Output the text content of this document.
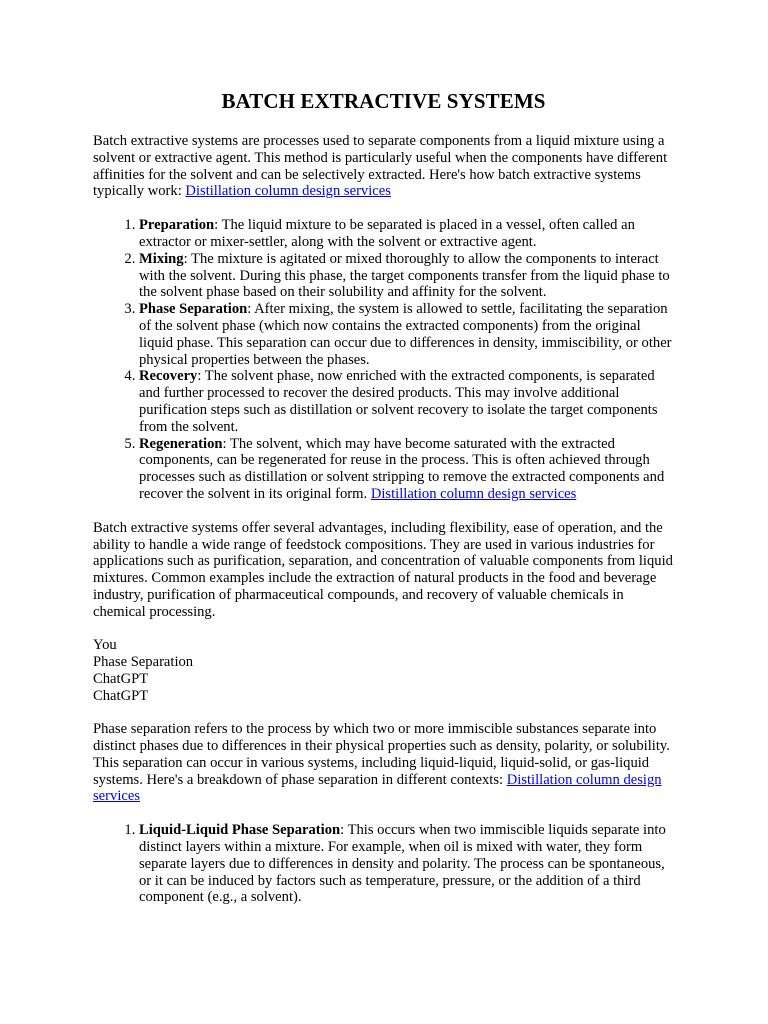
BATCH EXTRACTIVE SYSTEMS

Batch extractive systems are processes used to separate components from a liquid mixture using a solvent or extractive agent. This method is particularly useful when the components have different affinities for the solvent and can be selectively extracted. Here's how batch extractive systems typically work: Distillation column design services

1. Preparation: The liquid mixture to be separated is placed in a vessel, often called an extractor or mixer-settler, along with the solvent or extractive agent.
2. Mixing: The mixture is agitated or mixed thoroughly to allow the components to interact with the solvent. During this phase, the target components transfer from the liquid phase to the solvent phase based on their solubility and affinity for the solvent.
3. Phase Separation: After mixing, the system is allowed to settle, facilitating the separation of the solvent phase (which now contains the extracted components) from the original liquid phase. This separation can occur due to differences in density, immiscibility, or other physical properties between the phases.
4. Recovery: The solvent phase, now enriched with the extracted components, is separated and further processed to recover the desired products. This may involve additional purification steps such as distillation or solvent recovery to isolate the target components from the solvent.
5. Regeneration: The solvent, which may have become saturated with the extracted components, can be regenerated for reuse in the process. This is often achieved through processes such as distillation or solvent stripping to remove the extracted components and recover the solvent in its original form. Distillation column design services

Batch extractive systems offer several advantages, including flexibility, ease of operation, and the ability to handle a wide range of feedstock compositions. They are used in various industries for applications such as purification, separation, and concentration of valuable components from liquid mixtures. Common examples include the extraction of natural products in the food and beverage industry, purification of pharmaceutical compounds, and recovery of valuable chemicals in chemical processing.

You
Phase Separation
ChatGPT
ChatGPT

Phase separation refers to the process by which two or more immiscible substances separate into distinct phases due to differences in their physical properties such as density, polarity, or solubility. This separation can occur in various systems, including liquid-liquid, liquid-solid, or gas-liquid systems. Here's a breakdown of phase separation in different contexts: Distillation column design services

1. Liquid-Liquid Phase Separation: This occurs when two immiscible liquids separate into distinct layers within a mixture. For example, when oil is mixed with water, they form separate layers due to differences in density and polarity. The process can be spontaneous, or it can be induced by factors such as temperature, pressure, or the addition of a third component (e.g., a solvent).
